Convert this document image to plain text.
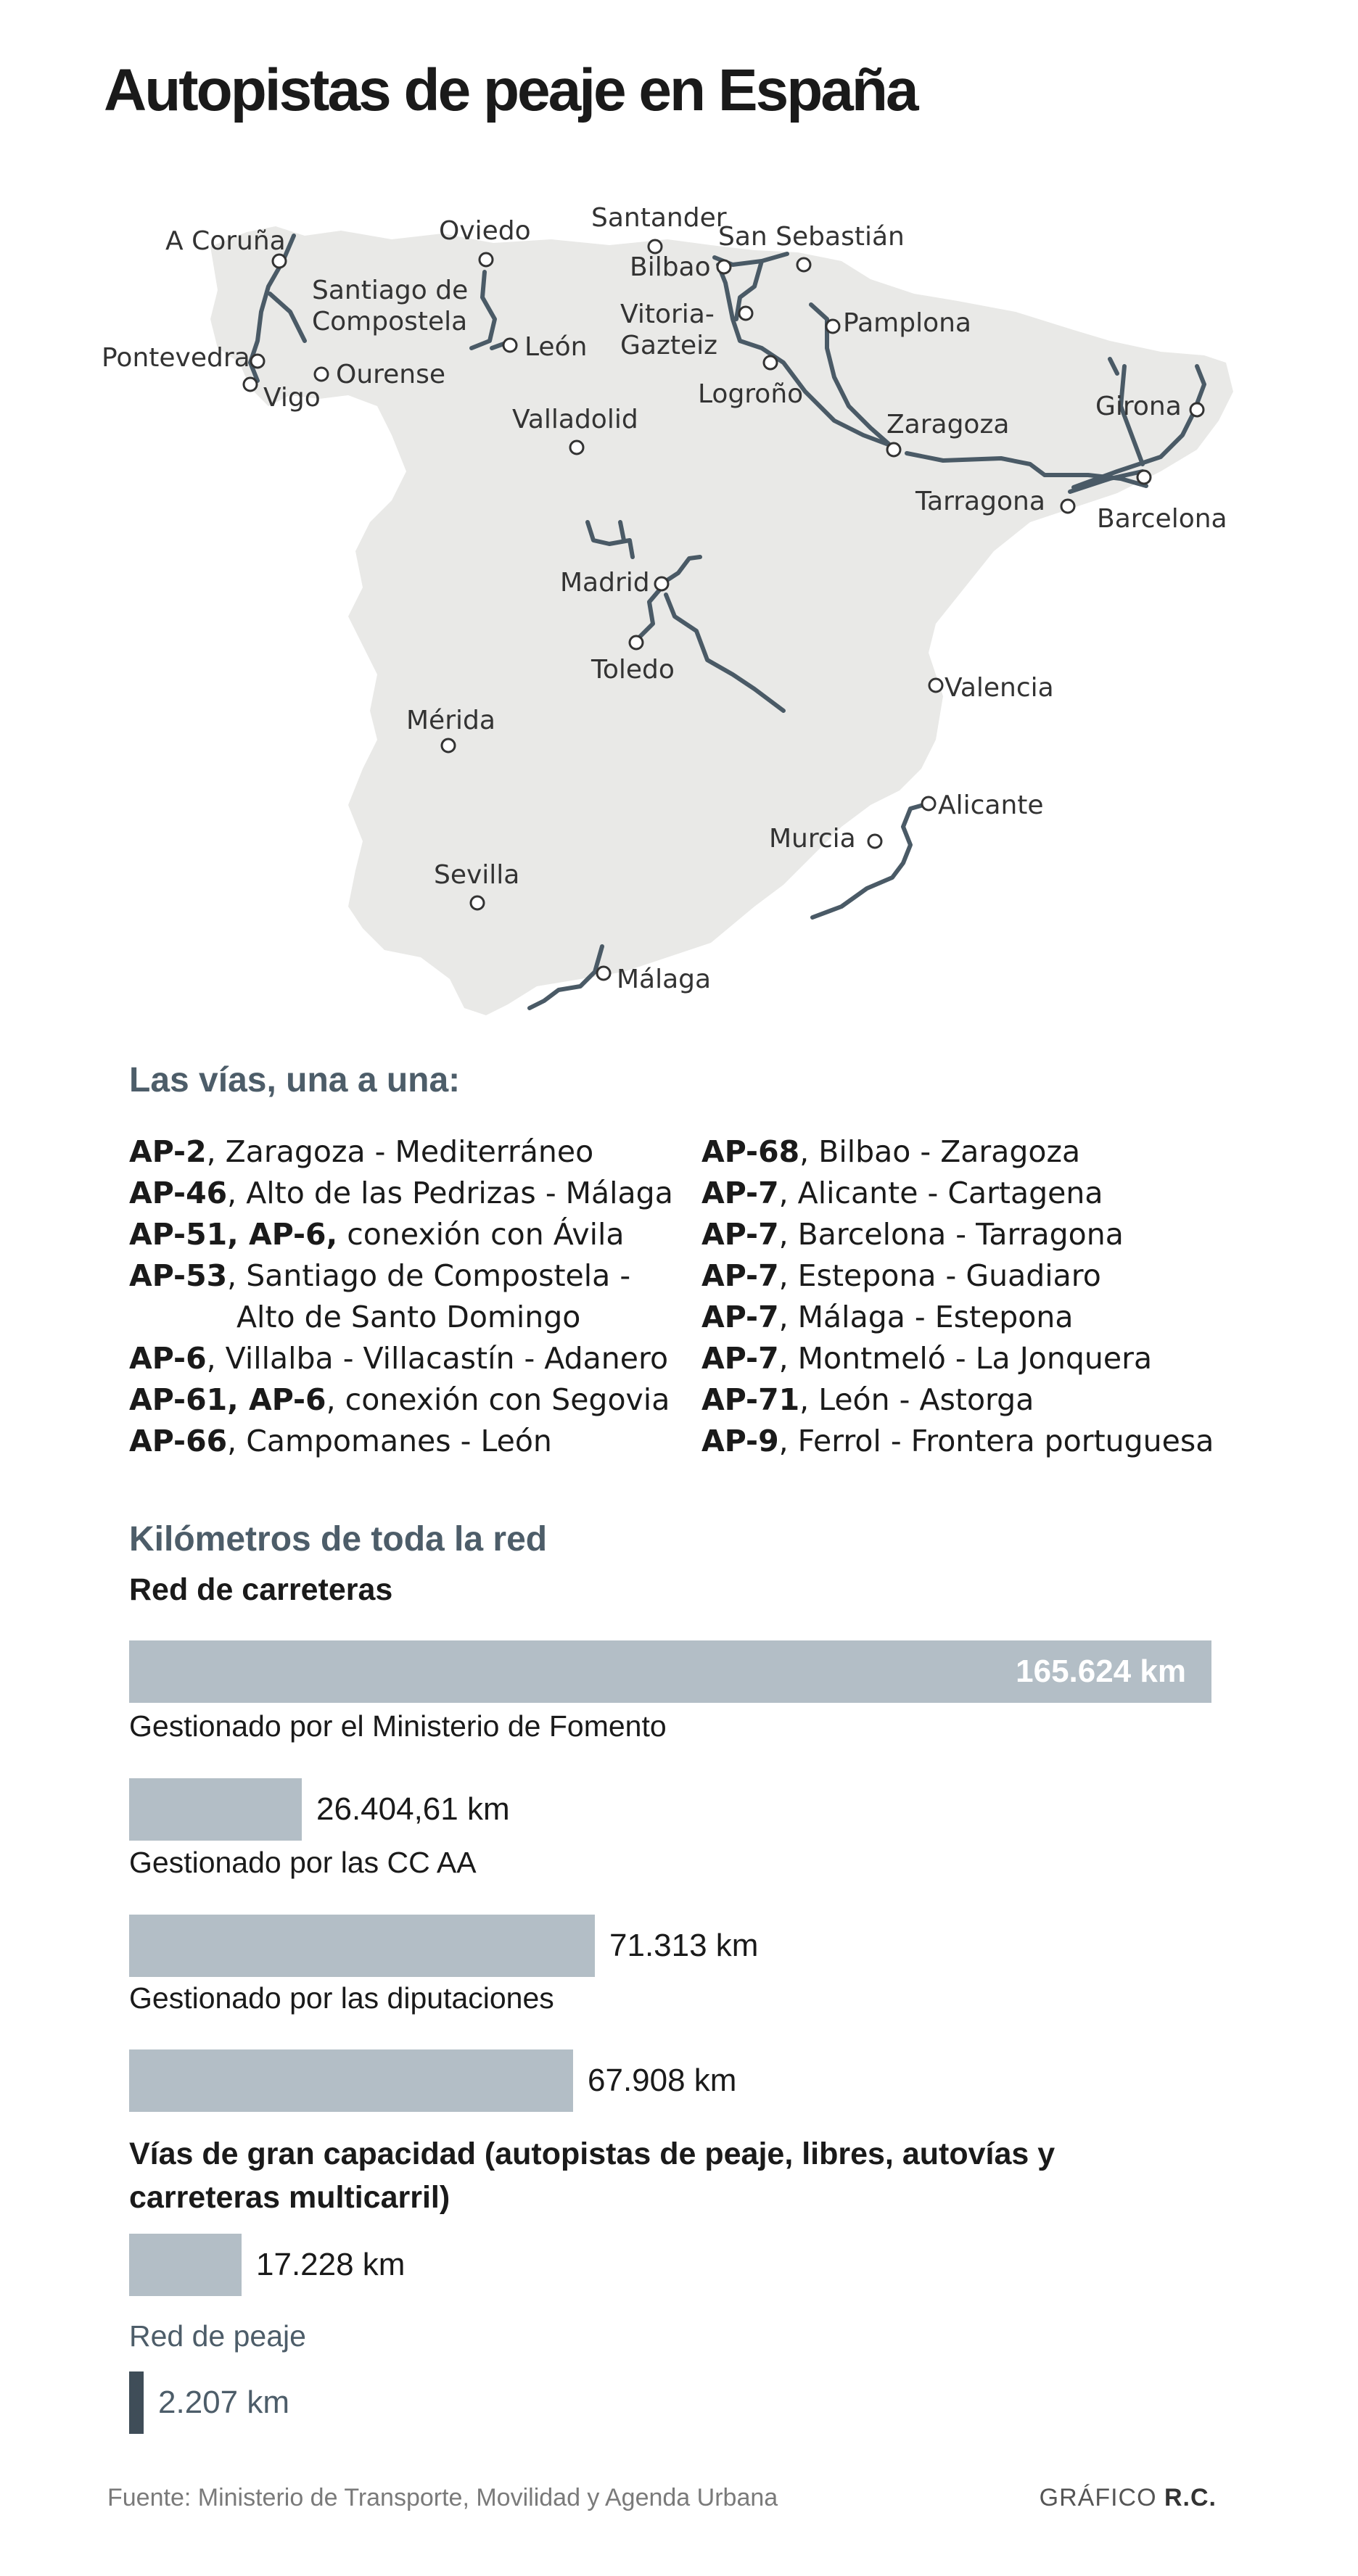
Autopistas de peaje en España
A Coruña	Oviedo Santander
San Sebastián
Bilbao
Santiago de
Compostela	Vitoria-
Gazteiz
Pamplona
Pontevedra	León
Ourense
Vigo	Logroño	Girona
Zaragoza
Valladolid
Tarragona
Barcelona
Madrid
Toledo
Valencia
Mérida
Alicante
Murcia
Sevilla
Málaga
Las vías, una a una:
AP-2, Zaragoza - Mediterráneo
AP-46, Alto de las Pedrizas - Málaga
AP-51, AP-6, conexión con Ávila
AP-53, Santiago de Compostela -
Alto de Santo Domingo
AP-6, Villalba - Villacastín - Adanero
AP-61, AP-6, conexión con Segovia
AP-66, Campomanes - León
AP-68, Bilbao - Zaragoza
AP-7, Alicante - Cartagena
AP-7, Barcelona - Tarragona
AP-7, Estepona - Guadiaro
AP-7, Málaga - Estepona
AP-7, Montmeló - La Jonquera
AP-71, León - Astorga
AP-9, Ferrol - Frontera portuguesa
Kilómetros de toda la red
Red de carreteras
165.624 km
Gestionado por el Ministerio de Fomento
26.404,61 km
Gestionado por las CC AA
71.313 km
Gestionado por las diputaciones
67.908 km
Vías de gran capacidad (autopistas de peaje, libres, autovías y
carreteras multicarril)
17.228 km
Red de peaje
2.207 km
Fuente: Ministerio de Transporte, Movilidad y Agenda Urbana	GRÁFICO R.C.
